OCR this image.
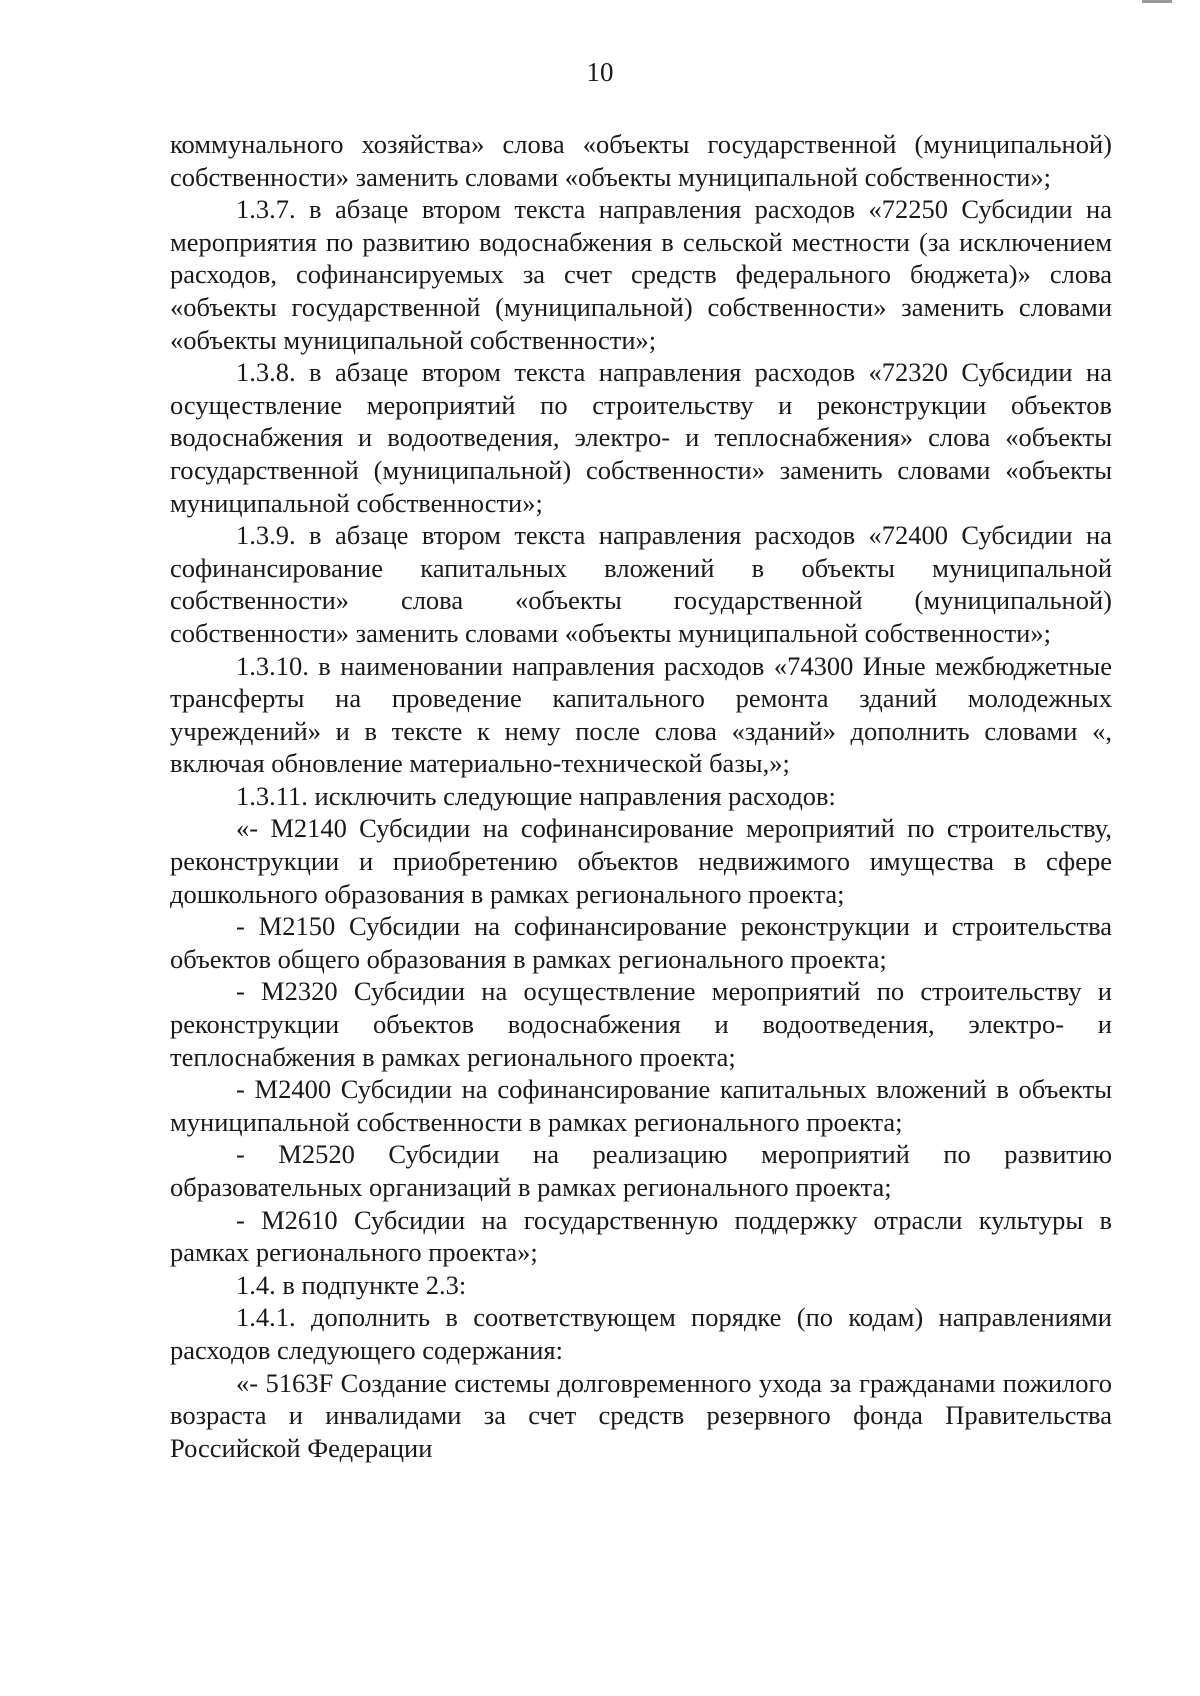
10

коммунального хозяйства» слова «объекты государственной (муниципальной) собственности» заменить словами «объекты муниципальной собственности»;

1.3.7. в абзаце втором текста направления расходов «72250 Субсидии на мероприятия по развитию водоснабжения в сельской местности (за исключением расходов, софинансируемых за счет средств федерального бюджета)» слова «объекты государственной (муниципальной) собственности» заменить словами «объекты муниципальной собственности»;

1.3.8. в абзаце втором текста направления расходов «72320 Субсидии на осуществление мероприятий по строительству и реконструкции объектов водоснабжения и водоотведения, электро- и теплоснабжения» слова «объекты государственной (муниципальной) собственности» заменить словами «объекты муниципальной собственности»;

1.3.9. в абзаце втором текста направления расходов «72400 Субсидии на софинансирование капитальных вложений в объекты муниципальной собственности» слова «объекты государственной (муниципальной) собственности» заменить словами «объекты муниципальной собственности»;

1.3.10. в наименовании направления расходов «74300 Иные межбюджетные трансферты на проведение капитального ремонта зданий молодежных учреждений» и в тексте к нему после слова «зданий» дополнить словами «, включая обновление материально-технической базы,»;

1.3.11. исключить следующие направления расходов:

«- M2140 Субсидии на софинансирование мероприятий по строительству, реконструкции и приобретению объектов недвижимого имущества в сфере дошкольного образования в рамках регионального проекта;

- M2150 Субсидии на софинансирование реконструкции и строительства объектов общего образования в рамках регионального проекта;

- M2320 Субсидии на осуществление мероприятий по строительству и реконструкции объектов водоснабжения и водоотведения, электро- и теплоснабжения в рамках регионального проекта;

- M2400 Субсидии на софинансирование капитальных вложений в объекты муниципальной собственности в рамках регионального проекта;

- M2520 Субсидии на реализацию мероприятий по развитию образовательных организаций в рамках регионального проекта;

- M2610 Субсидии на государственную поддержку отрасли культуры в рамках регионального проекта»;

1.4. в подпункте 2.3:

1.4.1. дополнить в соответствующем порядке (по кодам) направлениями расходов следующего содержания:

«- 5163F Создание системы долговременного ухода за гражданами пожилого возраста и инвалидами за счет средств резервного фонда Правительства Российской Федерации
